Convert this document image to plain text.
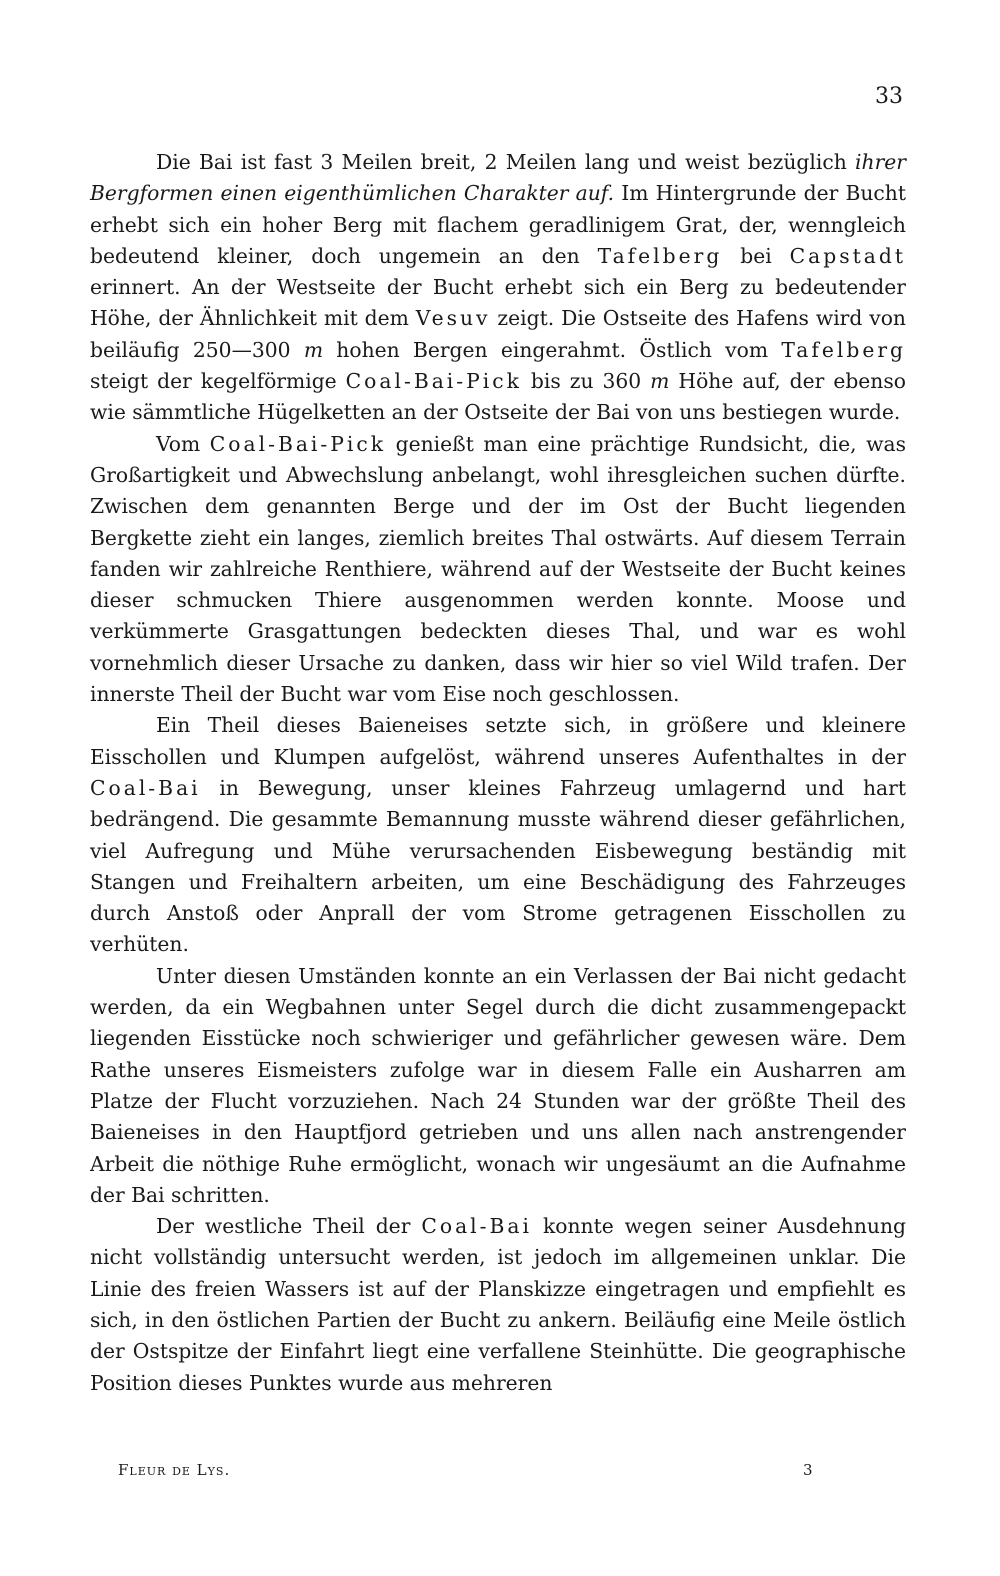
33

Die Bai ist fast 3 Meilen breit, 2 Meilen lang und weist bezüglich ihrer Bergformen einen eigenthümlichen Charakter auf. Im Hintergrunde der Bucht erhebt sich ein hoher Berg mit flachem geradlinigem Grat, der, wenngleich bedeutend kleiner, doch ungemein an den Tafelberg bei Capstadt erinnert. An der Westseite der Bucht erhebt sich ein Berg zu bedeutender Höhe, der Ähnlichkeit mit dem Vesuv zeigt. Die Ostseite des Hafens wird von beiläufig 250—300 m hohen Bergen eingerahmt. Östlich vom Tafelberg steigt der kegelförmige Coal-Bai-Pick bis zu 360 m Höhe auf, der ebenso wie sämmtliche Hügelketten an der Ostseite der Bai von uns bestiegen wurde.

Vom Coal-Bai-Pick genießt man eine prächtige Rundsicht, die, was Großartigkeit und Abwechslung anbelangt, wohl ihresgleichen suchen dürfte. Zwischen dem genannten Berge und der im Ost der Bucht liegenden Bergkette zieht ein langes, ziemlich breites Thal ostwärts. Auf diesem Terrain fanden wir zahlreiche Renthiere, während auf der Westseite der Bucht keines dieser schmucken Thiere ausgenommen werden konnte. Moose und verkümmerte Grasgattungen bedeckten dieses Thal, und war es wohl vornehmlich dieser Ursache zu danken, dass wir hier so viel Wild trafen. Der innerste Theil der Bucht war vom Eise noch geschlossen.

Ein Theil dieses Baieneises setzte sich, in größere und kleinere Eisschollen und Klumpen aufgelöst, während unseres Aufenthaltes in der Coal-Bai in Bewegung, unser kleines Fahrzeug umlagernd und hart bedrängend. Die gesammte Bemannung musste während dieser gefährlichen, viel Aufregung und Mühe verursachenden Eisbewegung beständig mit Stangen und Freihaltern arbeiten, um eine Beschädigung des Fahrzeuges durch Anstoß oder Anprall der vom Strome getragenen Eisschollen zu verhüten.

Unter diesen Umständen konnte an ein Verlassen der Bai nicht gedacht werden, da ein Wegbahnen unter Segel durch die dicht zusammengepackt liegenden Eisstücke noch schwieriger und gefährlicher gewesen wäre. Dem Rathe unseres Eismeisters zufolge war in diesem Falle ein Ausharren am Platze der Flucht vorzuziehen. Nach 24 Stunden war der größte Theil des Baieneises in den Hauptfjord getrieben und uns allen nach anstrengender Arbeit die nöthige Ruhe ermöglicht, wonach wir ungesäumt an die Aufnahme der Bai schritten.

Der westliche Theil der Coal-Bai konnte wegen seiner Ausdehnung nicht vollständig untersucht werden, ist jedoch im allgemeinen unklar. Die Linie des freien Wassers ist auf der Planskizze eingetragen und empfiehlt es sich, in den östlichen Partien der Bucht zu ankern. Beiläufig eine Meile östlich der Ostspitze der Einfahrt liegt eine verfallene Steinhütte. Die geographische Position dieses Punktes wurde aus mehreren

Fleur de Lys.	3
